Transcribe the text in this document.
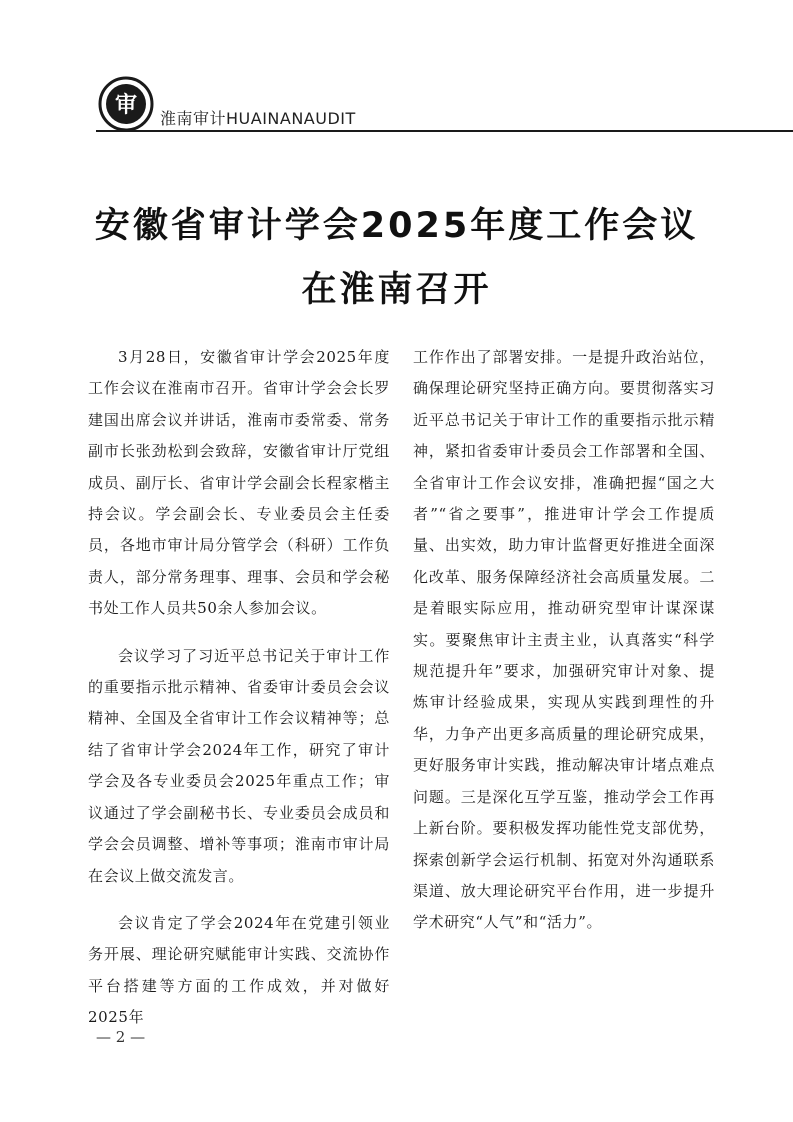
审
淮南审计HUAINANAUDIT
安徽省审计学会2025年度工作会议
在淮南召开

3月28日，安徽省审计学会2025年度工作会议在淮南市召开。省审计学会会长罗建国出席会议并讲话，淮南市委常委、常务副市长张劲松到会致辞，安徽省审计厅党组成员、副厅长、省审计学会副会长程家楷主持会议。学会副会长、专业委员会主任委员，各地市审计局分管学会（科研）工作负责人，部分常务理事、理事、会员和学会秘书处工作人员共50余人参加会议。

会议学习了习近平总书记关于审计工作的重要指示批示精神、省委审计委员会会议精神、全国及全省审计工作会议精神等；总结了省审计学会2024年工作，研究了审计学会及各专业委员会2025年重点工作；审议通过了学会副秘书长、专业委员会成员和学会会员调整、增补等事项；淮南市审计局在会议上做交流发言。

会议肯定了学会2024年在党建引领业务开展、理论研究赋能审计实践、交流协作平台搭建等方面的工作成效，并对做好2025年

工作作出了部署安排。一是提升政治站位，确保理论研究坚持正确方向。要贯彻落实习近平总书记关于审计工作的重要指示批示精神，紧扣省委审计委员会工作部署和全国、全省审计工作会议安排，准确把握“国之大者”“省之要事”，推进审计学会工作提质量、出实效，助力审计监督更好推进全面深化改革、服务保障经济社会高质量发展。二是着眼实际应用，推动研究型审计谋深谋实。要聚焦审计主责主业，认真落实“科学规范提升年”要求，加强研究审计对象、提炼审计经验成果，实现从实践到理性的升华，力争产出更多高质量的理论研究成果，更好服务审计实践，推动解决审计堵点难点问题。三是深化互学互鉴，推动学会工作再上新台阶。要积极发挥功能性党支部优势，探索创新学会运行机制、拓宽对外沟通联系渠道、放大理论研究平台作用，进一步提升学术研究“人气”和“活力”。

— 2 —
